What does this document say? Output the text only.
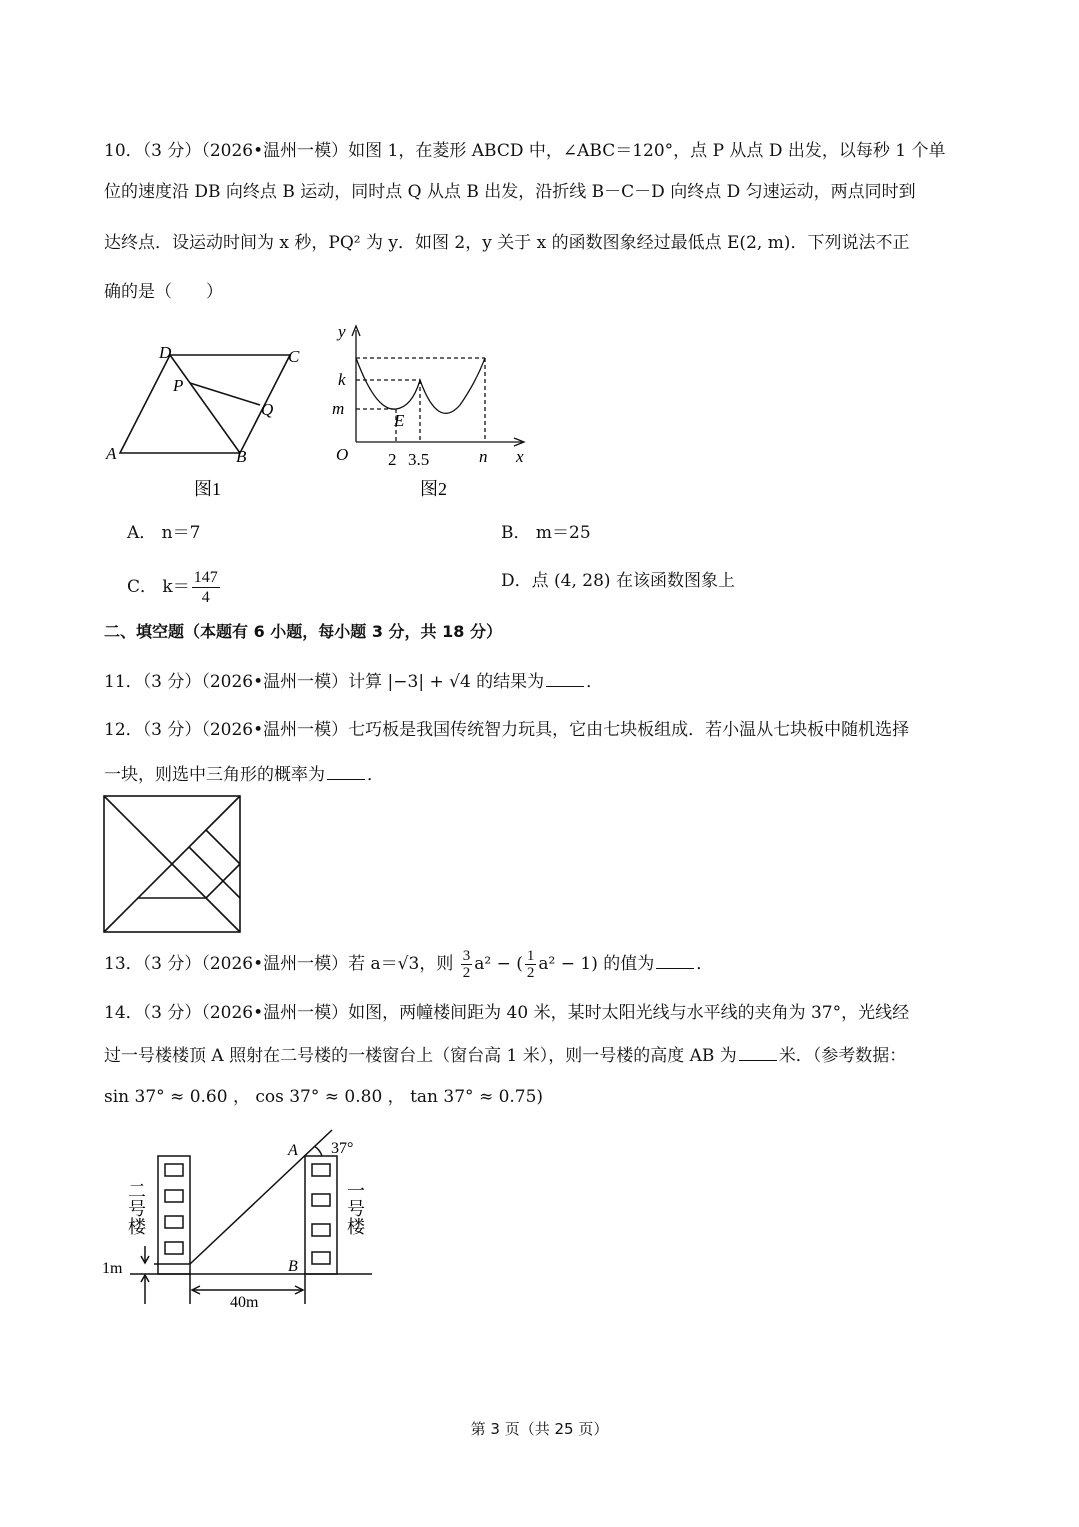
10．（3 分）（2026•温州一模）如图 1，在菱形 ABCD 中，∠ABC＝120°，点 P 从点 D 出发，以每秒 1 个单
位的速度沿 DB 向终点 B 运动，同时点 Q 从点 B 出发，沿折线 B－C－D 向终点 D 匀速运动，两点同时到
达终点．设运动时间为 x 秒，PQ² 为 y．如图 2，y 关于 x 的函数图象经过最低点 E(2, m)．下列说法不正
确的是（　　）
A	B
C
D
P
Q
图1
y
k
m
E
O 2 3.5	n x
图2
A． n＝7	B． m＝25
C． $k= \frac{147}{4}$	D．点 (4, 28) 在该函数图象上
二、填空题（本题有 6 小题，每小题 3 分，共 18 分）
11．（3 分）（2026•温州一模）计算 |−3| + √4 的结果为 ．
12．（3 分）（2026•温州一模）七巧板是我国传统智力玩具，它由七块板组成．若小温从七块板中随机选择
一块，则选中三角形的概率为 ．
13．（3 分）（2026•温州一模）若 a＝√3，则 $\frac{3}{2} a^2$ − ( $\frac{1}{2} a^2 - 1$) 的值为 ．
14．（3 分）（2026•温州一模）如图，两幢楼间距为 40 米，某时太阳光线与水平线的夹角为 37°，光线经
过一号楼楼顶 A 照射在二号楼的一楼窗台上（窗台高 1 米），则一号楼的高度 AB 为 米．（参考数据：
sin 37° ≈ 0.60 ， cos 37° ≈ 0.80 ， tan 37° ≈ 0.75)
A
B
37°
1m
40m
二号楼	一号楼
第 3 页（共 25 页）
